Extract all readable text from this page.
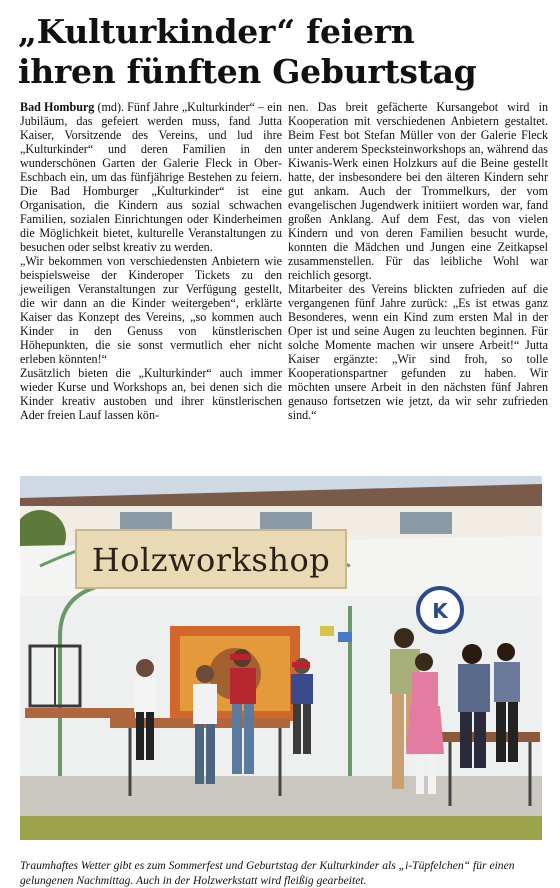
„Kulturkinder“ feiern
ihren fünften Geburtstag

Bad Homburg (md). Fünf Jahre „Kulturkinder“ – ein Jubiläum, das gefeiert werden muss, fand Jutta Kaiser, Vorsitzende des Vereins, und lud ihre „Kulturkinder“ und deren Familien in den wunderschönen Garten der Galerie Fleck in Ober-Eschbach ein, um das fünfjährige Bestehen zu feiern. Die Bad Homburger „Kulturkinder“ ist eine Organisation, die Kindern aus sozial schwachen Familien, sozialen Einrichtungen oder Kinderheimen die Möglichkeit bietet, kulturelle Veranstaltungen zu besuchen oder selbst kreativ zu werden.

„Wir bekommen von verschiedensten Anbietern wie beispielsweise der Kinderoper Tickets zu den jeweiligen Veranstaltungen zur Verfügung gestellt, die wir dann an die Kinder weitergeben“, erklärte Kaiser das Konzept des Vereins, „so kommen auch Kinder in den Genuss von künstlerischen Höhepunkten, die sie sonst vermutlich eher nicht erleben könnten!“

Zusätzlich bieten die „Kulturkinder“ auch immer wieder Kurse und Workshops an, bei denen sich die Kinder kreativ austoben und ihrer künstlerischen Ader freien Lauf lassen kön-

nen. Das breit gefächerte Kursangebot wird in Kooperation mit verschiedenen Anbietern gestaltet. Beim Fest bot Stefan Müller von der Galerie Fleck unter anderem Specksteinworkshops an, während das Kiwanis-Werk einen Holzkurs auf die Beine gestellt hatte, der insbesondere bei den älteren Kindern sehr gut ankam. Auch der Trommelkurs, der vom evangelischen Jugendwerk initiiert worden war, fand großen Anklang. Auf dem Fest, das von vielen Kindern und von deren Familien besucht wurde, konnten die Mädchen und Jungen eine Zeitkapsel zusammenstellen. Für das leibliche Wohl war reichlich gesorgt.

Mitarbeiter des Vereins blickten zufrieden auf die vergangenen fünf Jahre zurück: „Es ist etwas ganz Besonderes, wenn ein Kind zum ersten Mal in der Oper ist und seine Augen zu leuchten beginnen. Für solche Momente machen wir unsere Arbeit!“ Jutta Kaiser ergänzte: „Wir sind froh, so tolle Kooperationspartner gefunden zu haben. Wir möchten unsere Arbeit in den nächsten fünf Jahren genauso fortsetzen wie jetzt, da wir sehr zufrieden sind.“

Holzworkshop
K

Traumhaftes Wetter gibt es zum Sommerfest und Geburtstag der Kulturkinder als „i-Tüpfelchen“ für einen gelungenen Nachmittag. Auch in der Holzwerkstatt wird fleißig gearbeitet.
